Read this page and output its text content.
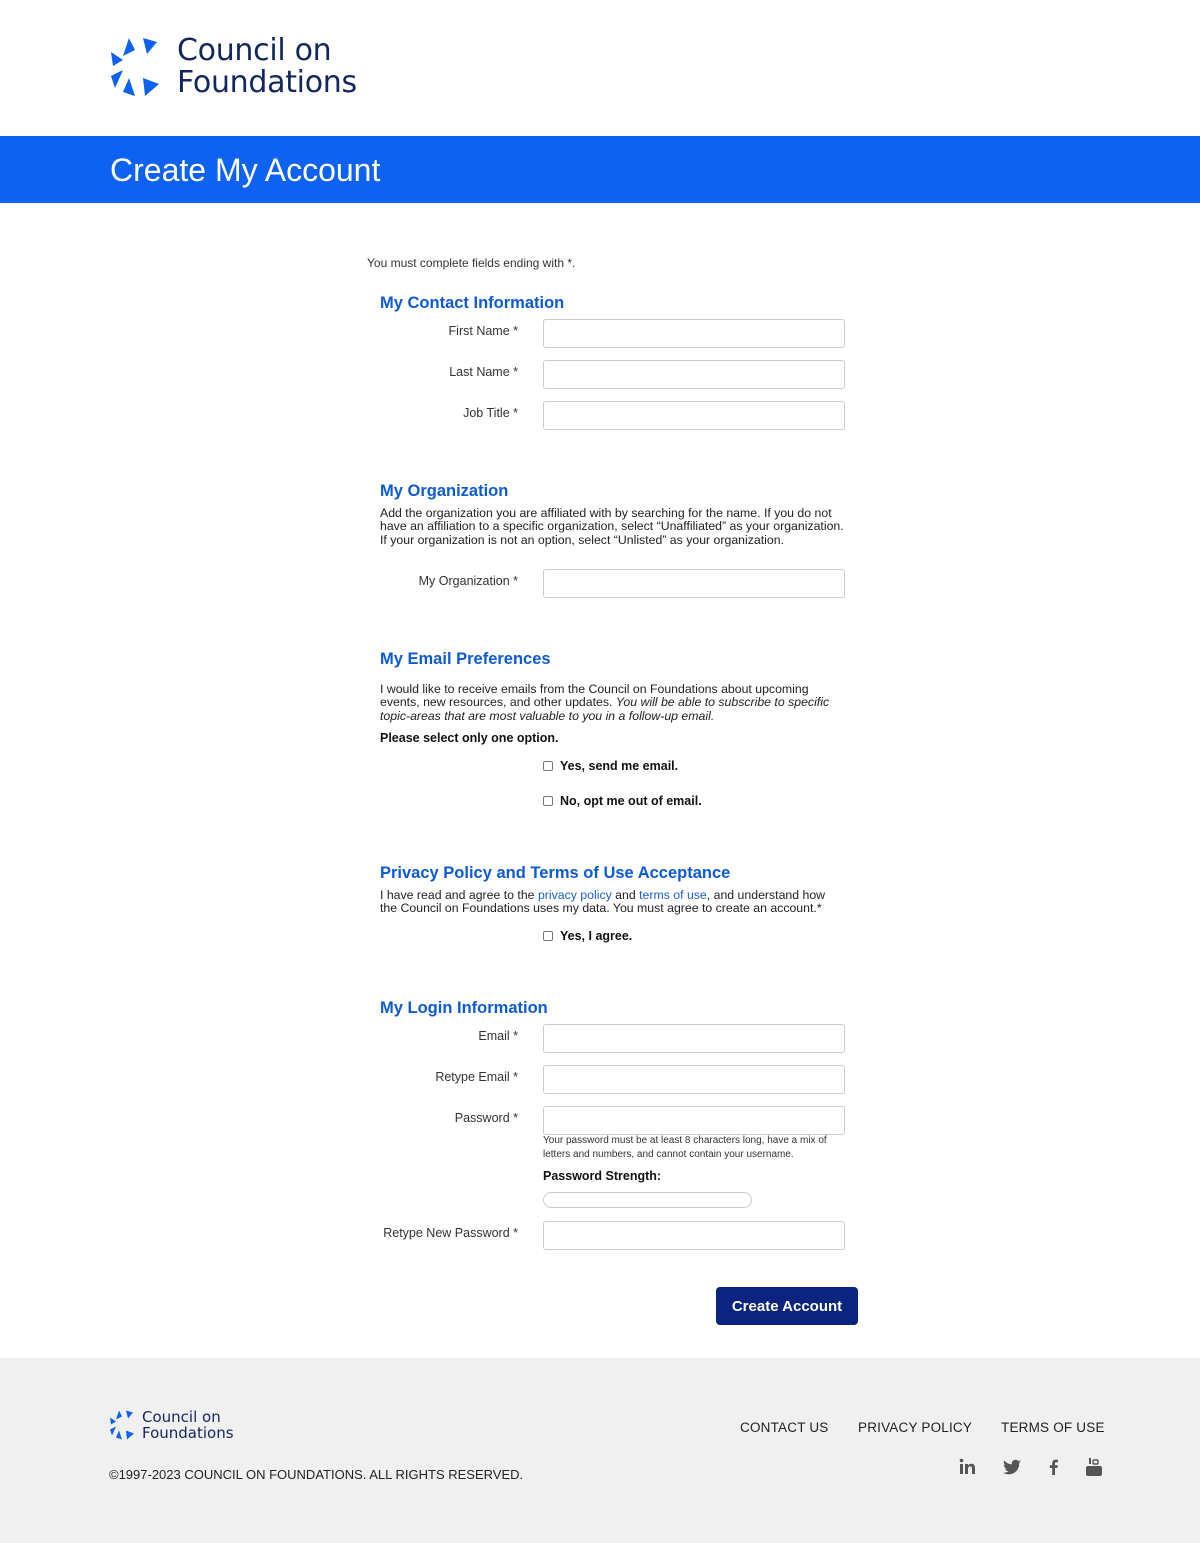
Council on
Foundations
Create My Account
You must complete fields ending with *.
My Contact Information
First Name *
Last Name *
Job Title *
My Organization
Add the organization you are affiliated with by searching for the name. If you do not have an affiliation to a specific organization, select “Unaffiliated” as your organization. If your organization is not an option, select “Unlisted” as your organization.
My Organization *
My Email Preferences
I would like to receive emails from the Council on Foundations about upcoming events, new resources, and other updates. You will be able to subscribe to specific topic-areas that are most valuable to you in a follow-up email.
Please select only one option.
Yes, send me email.
No, opt me out of email.
Privacy Policy and Terms of Use Acceptance
I have read and agree to the privacy policy and terms of use, and understand how the Council on Foundations uses my data. You must agree to create an account.*
Yes, I agree.
My Login Information
Email *
Retype Email *
Password *
Your password must be at least 8 characters long, have a mix of letters and numbers, and cannot contain your username.
Password Strength:
Retype New Password *
Create Account
Council on
Foundations
©1997-2023 COUNCIL ON FOUNDATIONS. ALL RIGHTS RESERVED.
CONTACT US PRIVACY POLICY TERMS OF USE
